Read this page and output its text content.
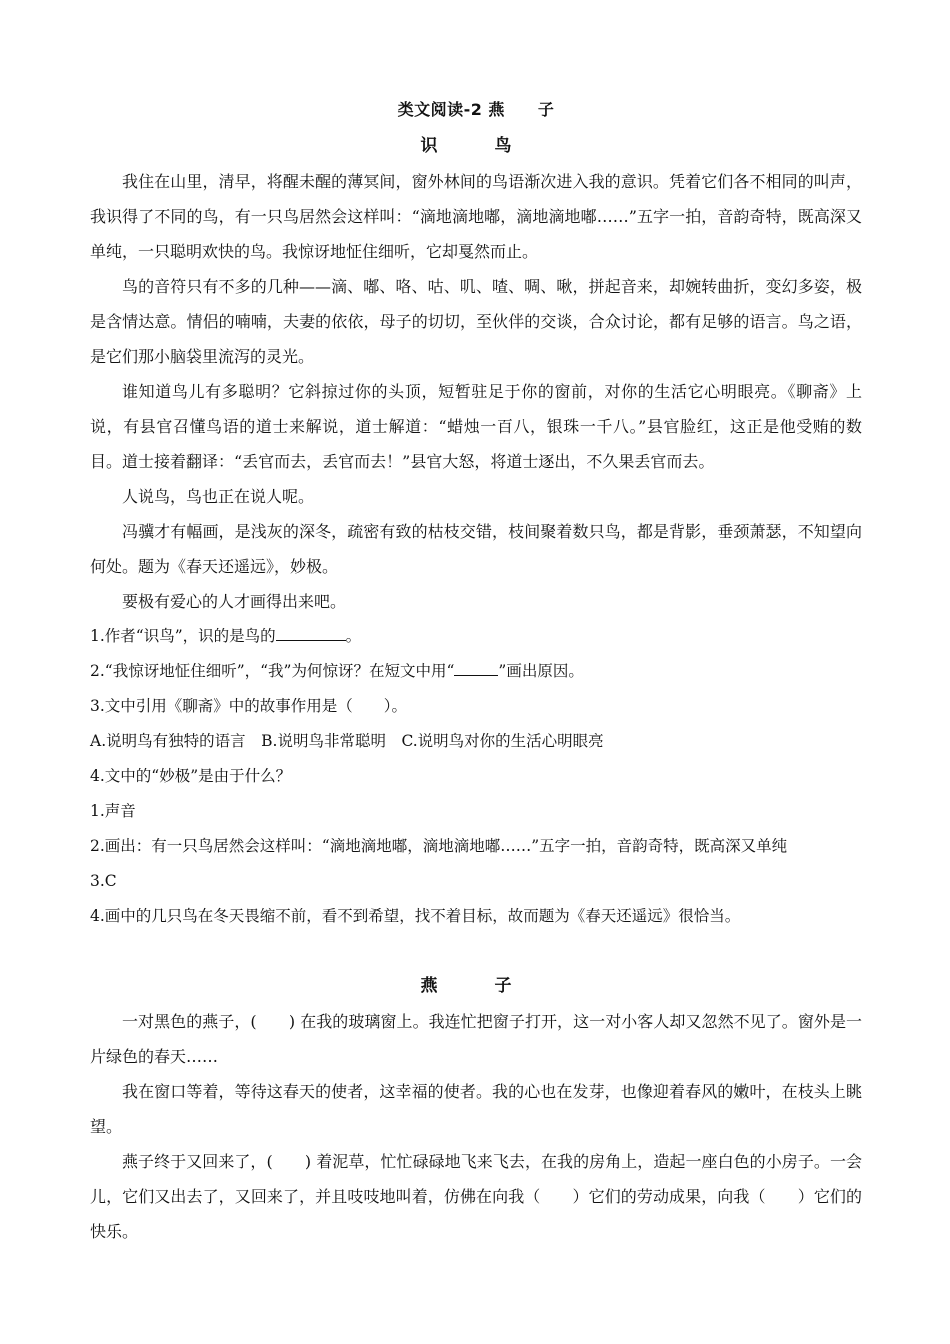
类文阅读-2 燕　　子
识　鸟

我住在山里，清早，将醒未醒的薄冥间，窗外林间的鸟语渐次进入我的意识。凭着它们各不相同的叫声，我识得了不同的鸟，有一只鸟居然会这样叫：“滴地滴地嘟，滴地滴地嘟……”五字一拍，音韵奇特，既高深又单纯，一只聪明欢快的鸟。我惊讶地怔住细听，它却戛然而止。

鸟的音符只有不多的几种——滴、嘟、咯、咕、叽、喳、啁、啾，拼起音来，却婉转曲折，变幻多姿，极是含情达意。情侣的喃喃，夫妻的依依，母子的切切，至伙伴的交谈，合众讨论，都有足够的语言。鸟之语，是它们那小脑袋里流泻的灵光。

谁知道鸟儿有多聪明？它斜掠过你的头顶，短暂驻足于你的窗前，对你的生活它心明眼亮。《聊斋》上说，有县官召懂鸟语的道士来解说，道士解道：“蜡烛一百八，银珠一千八。”县官脸红，这正是他受贿的数目。道士接着翻译：“丢官而去，丢官而去！”县官大怒，将道士逐出，不久果丢官而去。

人说鸟，鸟也正在说人呢。

冯骥才有幅画，是浅灰的深冬，疏密有致的枯枝交错，枝间聚着数只鸟，都是背影，垂颈萧瑟，不知望向何处。题为《春天还遥远》，妙极。

要极有爱心的人才画得出来吧。

1.作者“识鸟”，识的是鸟的	。

2.“我惊讶地怔住细听”，“我”为何惊讶？在短文中用“	”画出原因。

3.文中引用《聊斋》中的故事作用是（　　）。

A.说明鸟有独特的语言　B.说明鸟非常聪明　C.说明鸟对你的生活心明眼亮

4.文中的“妙极”是由于什么？

1.声音

2.画出：有一只鸟居然会这样叫：“滴地滴地嘟，滴地滴地嘟……”五字一拍，音韵奇特，既高深又单纯

3.C

4.画中的几只鸟在冬天畏缩不前，看不到希望，找不着目标，故而题为《春天还遥远》很恰当。

燕　子

一对黑色的燕子，(　　) 在我的玻璃窗上。我连忙把窗子打开，这一对小客人却又忽然不见了。窗外是一片绿色的春天……

我在窗口等着，等待这春天的使者，这幸福的使者。我的心也在发芽，也像迎着春风的嫩叶，在枝头上眺望。

燕子终于又回来了，(　　) 着泥草，忙忙碌碌地飞来飞去，在我的房角上，造起一座白色的小房子。一会儿，它们又出去了，又回来了，并且吱吱地叫着，仿佛在向我（　　）它们的劳动成果，向我（　　）它们的快乐。
